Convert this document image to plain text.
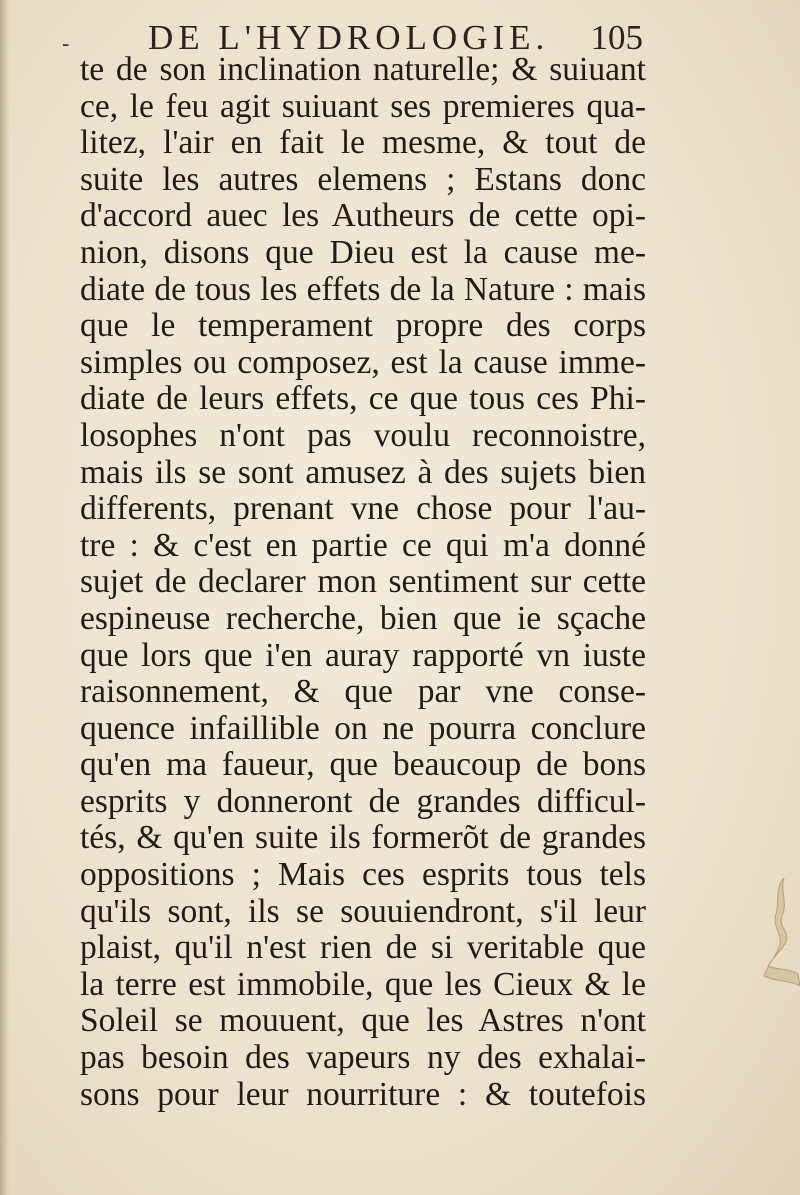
- DE L'HYDROLOGIE. 105
te de son inclination naturelle; & suiuant
ce, le feu agit suiuant ses premieres qua-
litez, l'air en fait le mesme, & tout de
suite les autres elemens ; Estans donc
d'accord auec les Autheurs de cette opi-
nion, disons que Dieu est la cause me-
diate de tous les effets de la Nature : mais
que le temperament propre des corps
simples ou composez, est la cause imme-
diate de leurs effets, ce que tous ces Phi-
losophes n'ont pas voulu reconnoistre,
mais ils se sont amusez à des sujets bien
differents, prenant vne chose pour l'au-
tre : & c'est en partie ce qui m'a donné
sujet de declarer mon sentiment sur cette
espineuse recherche, bien que ie sçache
que lors que i'en auray rapporté vn iuste
raisonnement, & que par vne conse-
quence infaillible on ne pourra conclure
qu'en ma faueur, que beaucoup de bons
esprits y donneront de grandes difficul-
tés, & qu'en suite ils formerõt de grandes
oppositions ; Mais ces esprits tous tels
qu'ils sont, ils se souuiendront, s'il leur
plaist, qu'il n'est rien de si veritable que
la terre est immobile, que les Cieux & le
Soleil se mouuent, que les Astres n'ont
pas besoin des vapeurs ny des exhalai-
sons pour leur nourriture : & toutefois
